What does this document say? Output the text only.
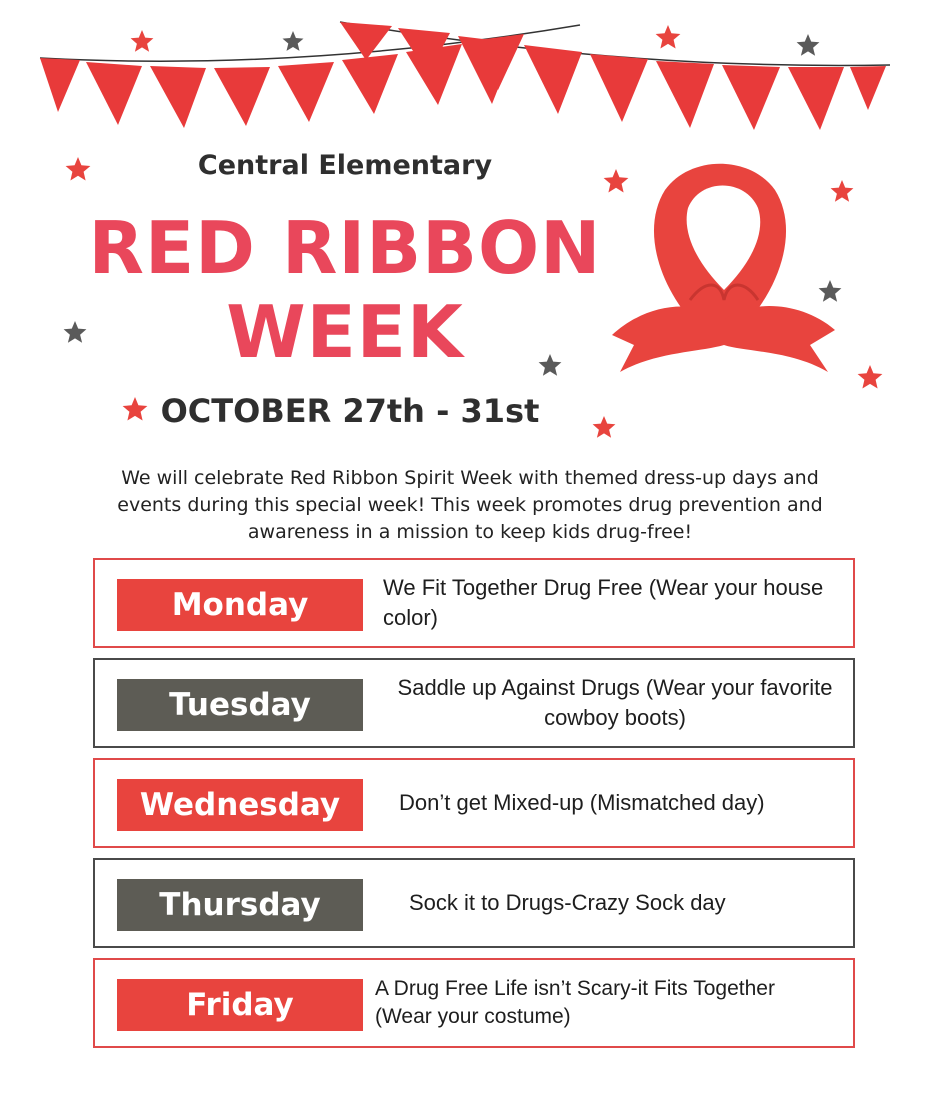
Central Elementary
RED RIBBON
WEEK
OCTOBER 27th - 31st
We will celebrate Red Ribbon Spirit Week with themed dress-up days and events during this special week! This week promotes drug prevention and awareness in a mission to keep kids drug-free!
Monday	We Fit Together Drug Free (Wear your house color)
Tuesday	Saddle up Against Drugs (Wear your favorite cowboy boots)
Wednesday	Don’t get Mixed-up (Mismatched day)
Thursday	Sock it to Drugs-Crazy Sock day
Friday	A Drug Free Life isn’t Scary-it Fits Together (Wear your costume)
